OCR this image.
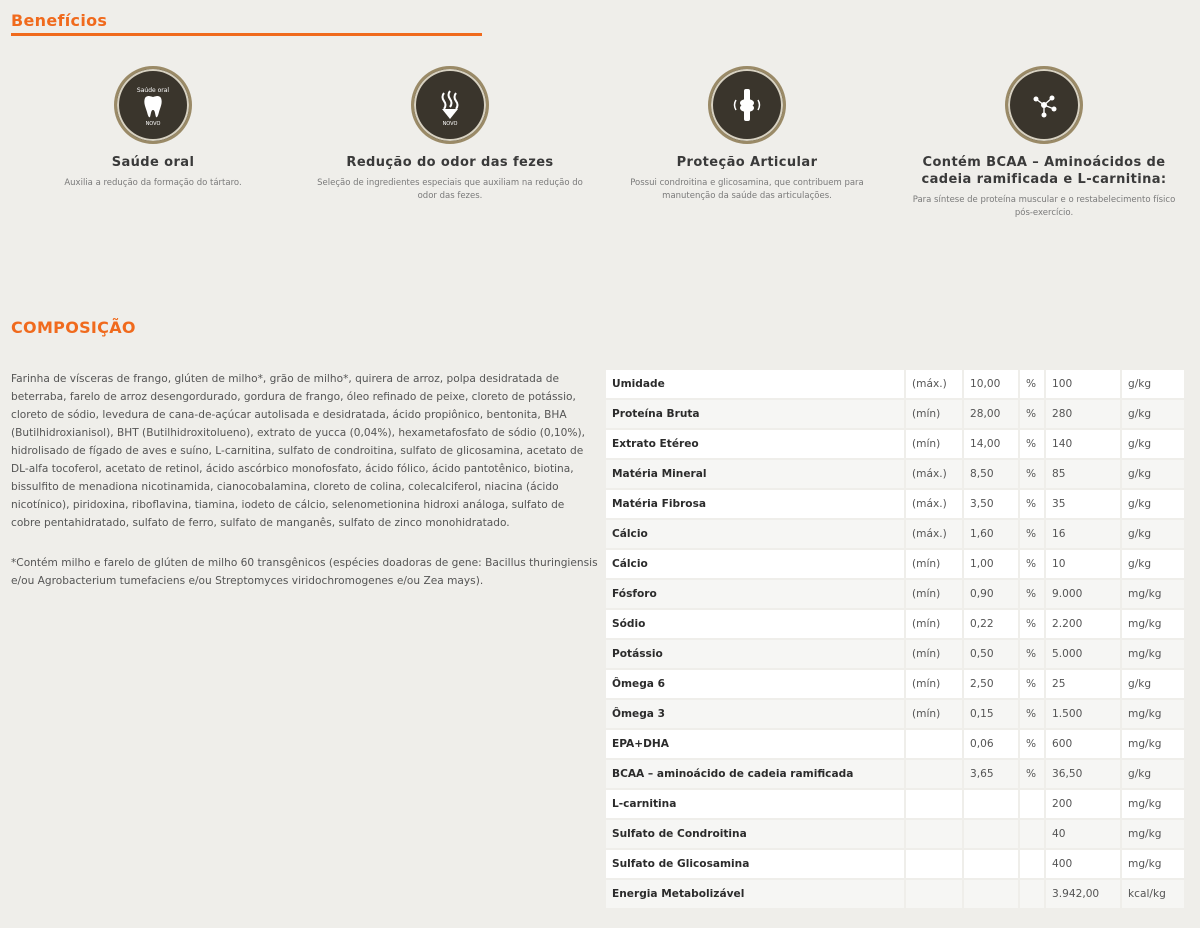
Benefícios
Saúde oral
NOVO
Saúde oral
Auxilia a redução da formação do tártaro.
NOVO
Redução do odor das fezes
Seleção de ingredientes especiais que auxiliam na redução do odor das fezes.
Proteção Articular
Possui condroitina e glicosamina, que contribuem para manutenção da saúde das articulações.
Contém BCAA – Aminoácidos de cadeia ramificada e L-carnitina:
Para síntese de proteína muscular e o restabelecimento físico pós-exercício.
COMPOSIÇÃO

Farinha de vísceras de frango, glúten de milho*, grão de milho*, quirera de arroz, polpa desidratada de beterraba, farelo de arroz desengordurado, gordura de frango, óleo refinado de peixe, cloreto de potássio, cloreto de sódio, levedura de cana-de-açúcar autolisada e desidratada, ácido propiônico, bentonita, BHA (Butilhidroxianisol), BHT (Butilhidroxitolueno), extrato de yucca (0,04%), hexametafosfato de sódio (0,10%), hidrolisado de fígado de aves e suíno, L-carnitina, sulfato de condroitina, sulfato de glicosamina, acetato de DL-alfa tocoferol, acetato de retinol, ácido ascórbico monofosfato, ácido fólico, ácido pantotênico, biotina, bissulfito de menadiona nicotinamida, cianocobalamina, cloreto de colina, colecalciferol, niacina (ácido nicotínico), piridoxina, riboflavina, tiamina, iodeto de cálcio, selenometionina hidroxi análoga, sulfato de cobre pentahidratado, sulfato de ferro, sulfato de manganês, sulfato de zinco monohidratado.

*Contém milho e farelo de glúten de milho 60 transgênicos (espécies doadoras de gene: Bacillus thuringiensis e/ou Agrobacterium tumefaciens e/ou Streptomyces viridochromogenes e/ou Zea mays).

Umidade	(máx.)	10,00	%	100	g/kg
Proteína Bruta	(mín)	28,00	%	280	g/kg
Extrato Etéreo	(mín)	14,00	%	140	g/kg
Matéria Mineral	(máx.)	8,50	%	85	g/kg
Matéria Fibrosa	(máx.)	3,50	%	35	g/kg
Cálcio	(máx.)	1,60	%	16	g/kg
Cálcio	(mín)	1,00	%	10	g/kg
Fósforo	(mín)	0,90	%	9.000	mg/kg
Sódio	(mín)	0,22	%	2.200	mg/kg
Potássio	(mín)	0,50	%	5.000	mg/kg
Ômega 6	(mín)	2,50	%	25	g/kg
Ômega 3	(mín)	0,15	%	1.500	mg/kg
EPA+DHA		0,06	%	600	mg/kg
BCAA – aminoácido de cadeia ramificada		3,65	%	36,50	g/kg
L-carnitina				200	mg/kg
Sulfato de Condroitina				40	mg/kg
Sulfato de Glicosamina				400	mg/kg
Energia Metabolizável				3.942,00	kcal/kg
